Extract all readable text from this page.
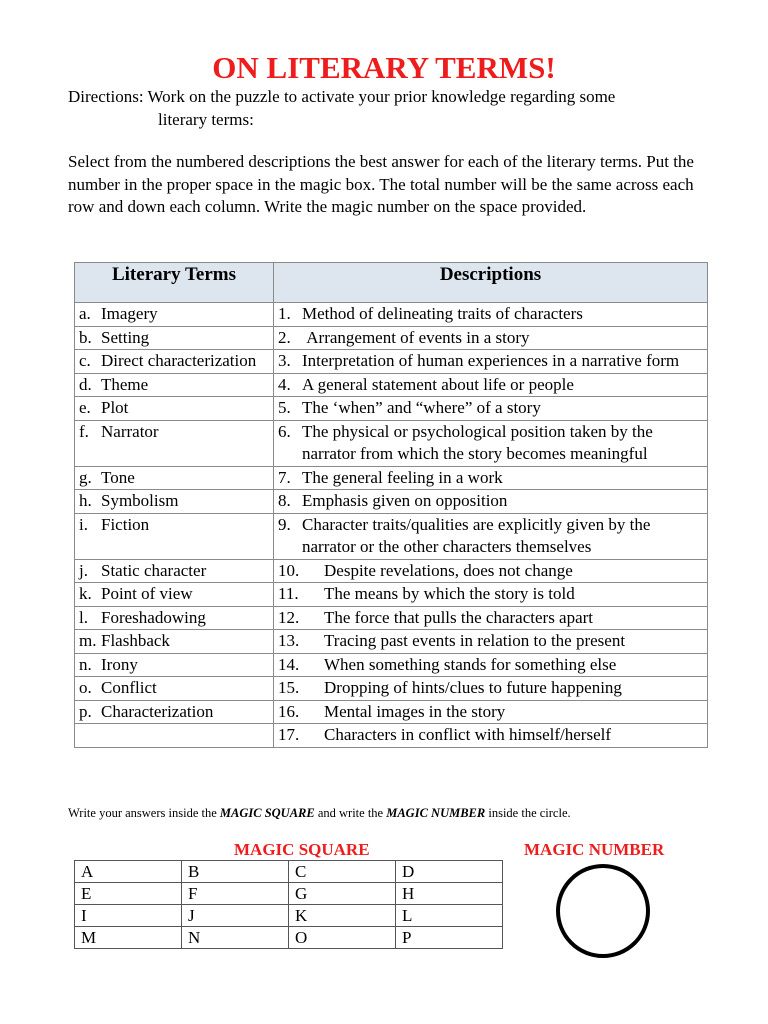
ON LITERARY TERMS!
Directions: Work on the puzzle to activate your prior knowledge regarding some
literary terms:
Select from the numbered descriptions the best answer for each of the literary terms. Put the number in the proper space in the magic box. The total number will be the same across each row and down each column. Write the magic number on the space provided.
Literary Terms	Descriptions

a. Imagery	1. Method of delineating traits of characters

b. Setting	2. Arrangement of events in a story

c. Direct characterization	3. Interpretation of human experiences in a narrative form

d. Theme	4. A general statement about life or people

e. Plot	5. The ‘when” and “where” of a story

f. Narrator	6. The physical or psychological position taken by the narrator from which the story becomes meaningful

g. Tone	7. The general feeling in a work

h. Symbolism	8. Emphasis given on opposition

i. Fiction	9. Character traits/qualities are explicitly given by the narrator or the other characters themselves

j. Static character	10. Despite revelations, does not change

k. Point of view	11. The means by which the story is told

l. Foreshadowing	12. The force that pulls the characters apart

m. Flashback	13. Tracing past events in relation to the present

n. Irony	14. When something stands for something else

o. Conflict	15. Dropping of hints/clues to future happening

p. Characterization	16. Mental images in the story

	17. Characters in conflict with himself/herself
Write your answers inside the MAGIC SQUARE and write the MAGIC NUMBER inside the circle.
MAGIC SQUARE	MAGIC NUMBER
A	B	C	D
E	F	G	H
I	J	K	L
M	N	O	P
